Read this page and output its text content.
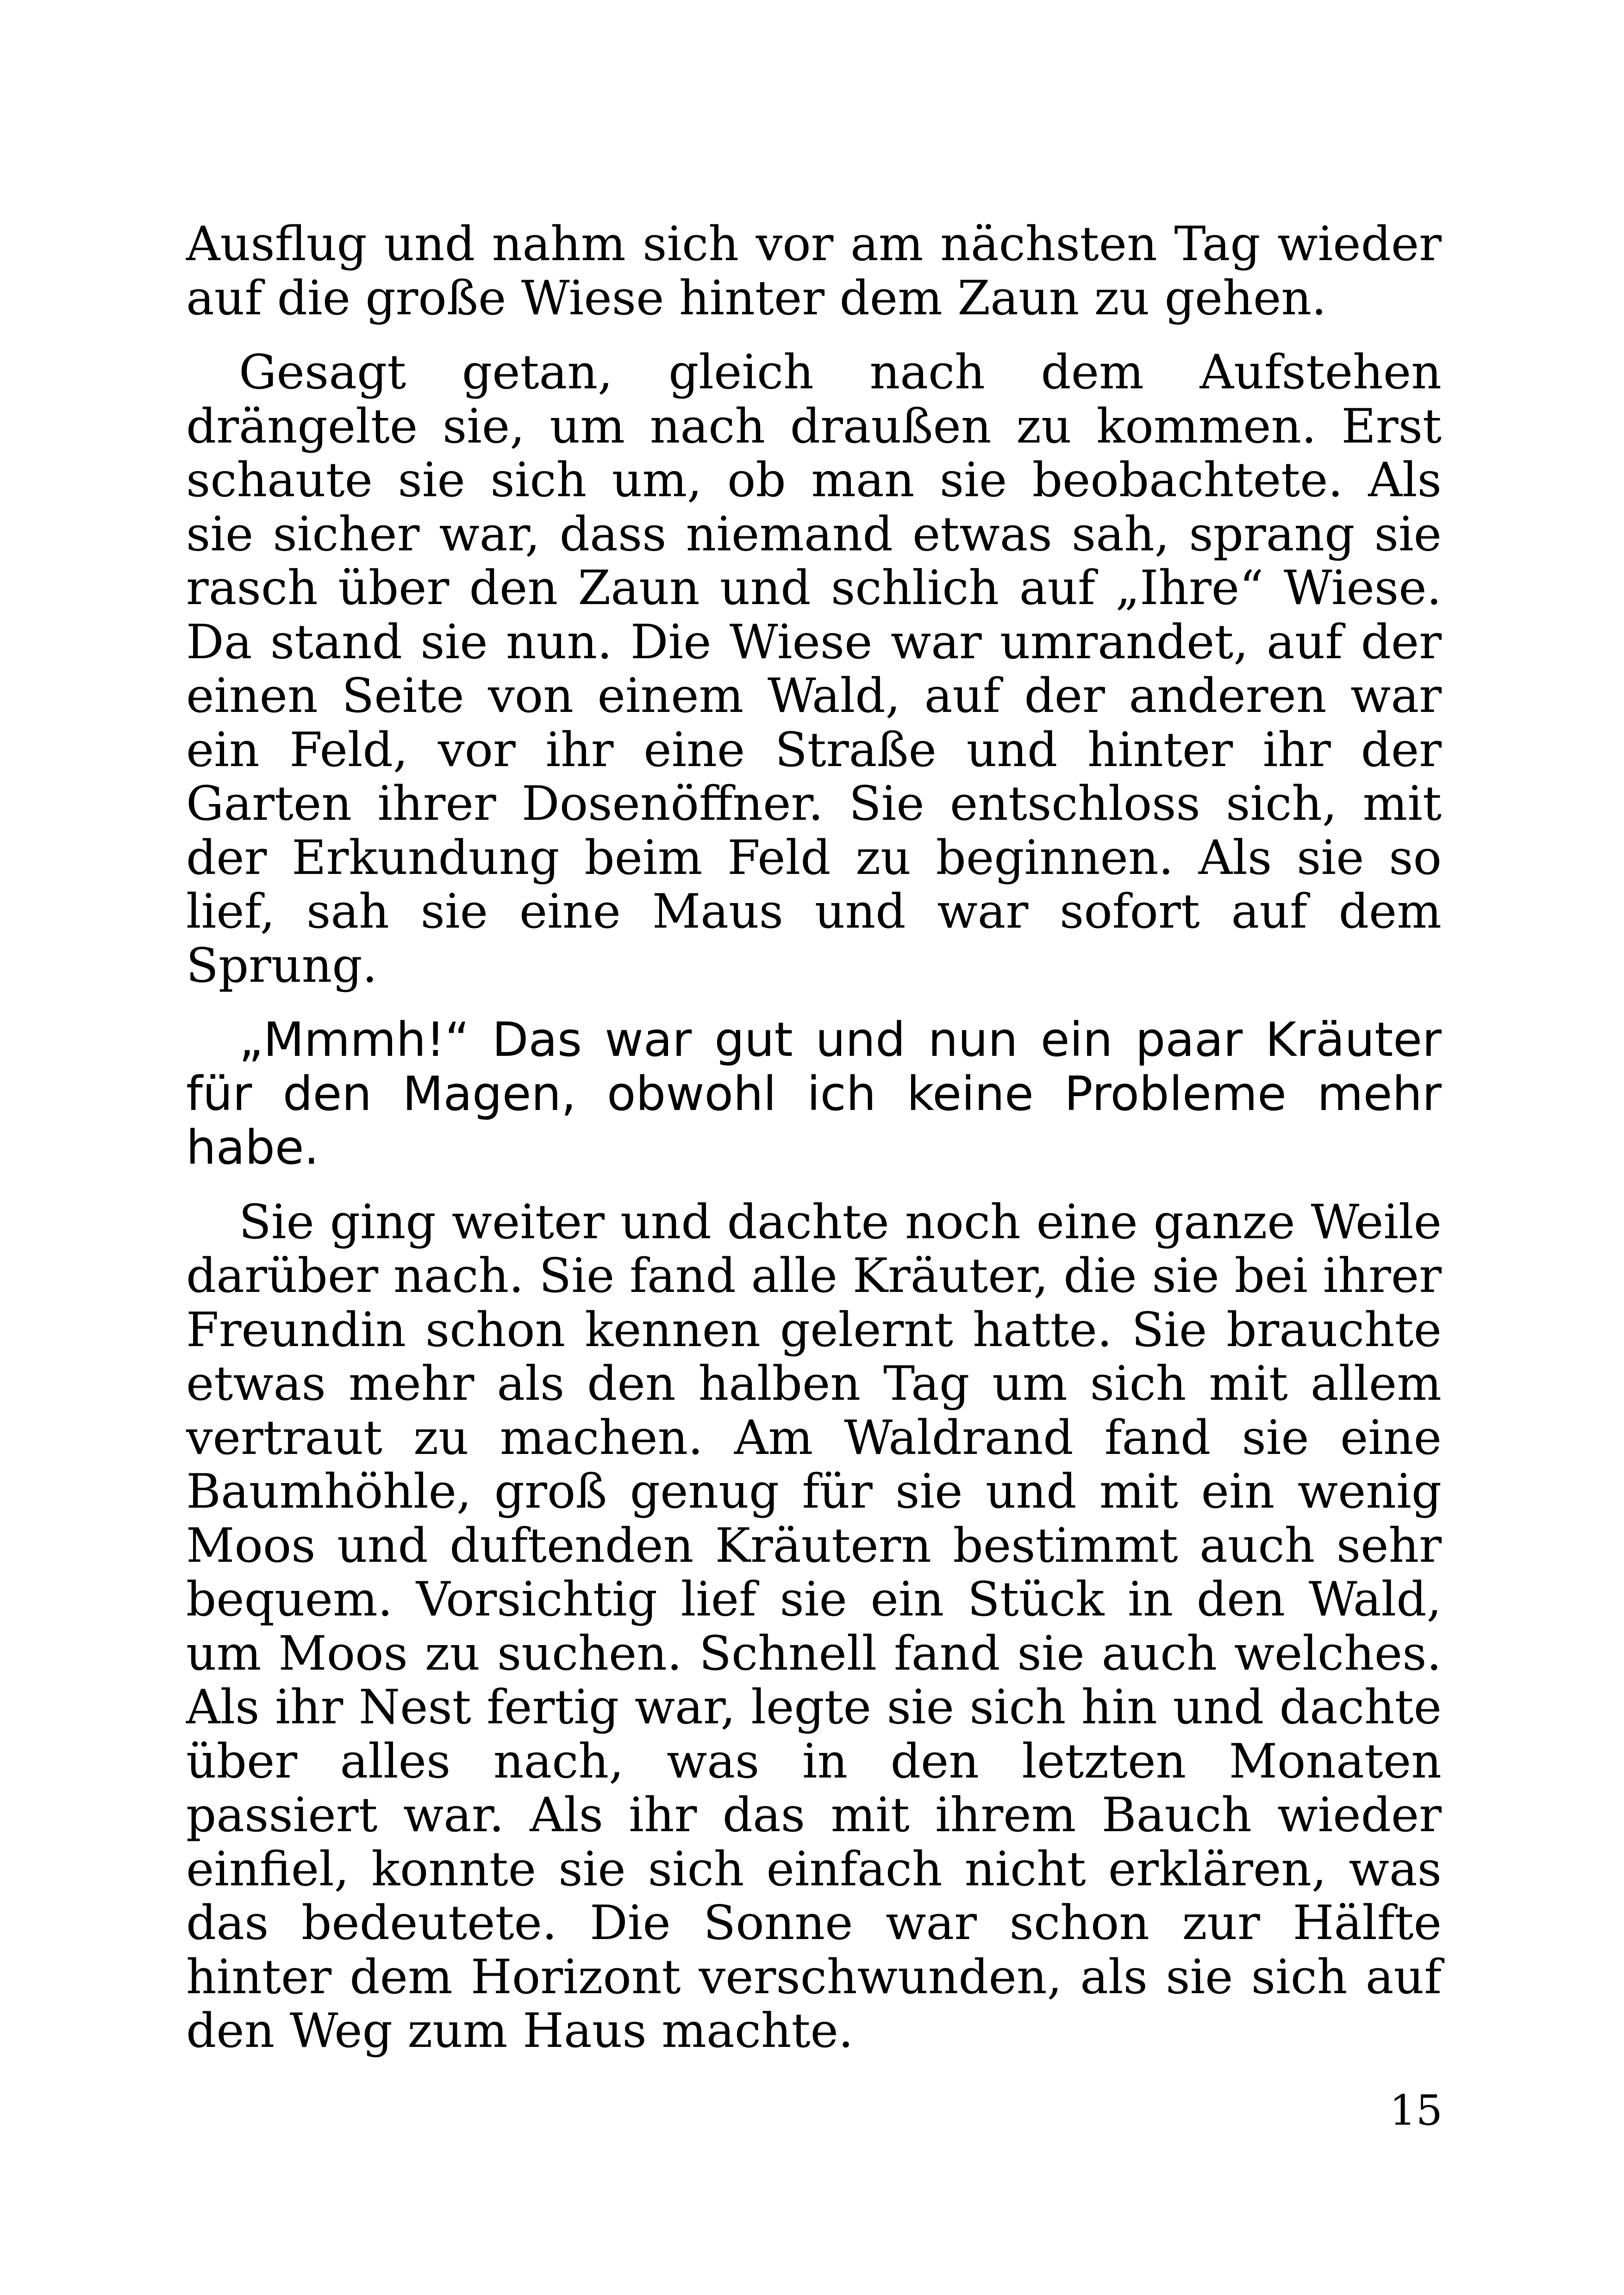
Ausflug und nahm sich vor am nächsten Tag wieder auf die große Wiese hinter dem Zaun zu gehen.

Gesagt getan, gleich nach dem Aufstehen drängelte sie, um nach draußen zu kommen. Erst schaute sie sich um, ob man sie beobachtete. Als sie sicher war, dass niemand etwas sah, sprang sie rasch über den Zaun und schlich auf „Ihre“ Wiese. Da stand sie nun. Die Wiese war umrandet, auf der einen Seite von einem Wald, auf der anderen war ein Feld, vor ihr eine Straße und hinter ihr der Garten ihrer Dosenöffner. Sie entschloss sich, mit der Erkundung beim Feld zu beginnen. Als sie so lief, sah sie eine Maus und war sofort auf dem Sprung.

„Mmmh!“ Das war gut und nun ein paar Kräuter für den Magen, obwohl ich keine Probleme mehr habe.

Sie ging weiter und dachte noch eine ganze Weile darüber nach. Sie fand alle Kräuter, die sie bei ihrer Freundin schon kennen gelernt hatte. Sie brauchte etwas mehr als den halben Tag um sich mit allem vertraut zu machen. Am Waldrand fand sie eine Baumhöhle, groß genug für sie und mit ein wenig Moos und duftenden Kräutern bestimmt auch sehr bequem. Vorsichtig lief sie ein Stück in den Wald, um Moos zu suchen. Schnell fand sie auch welches. Als ihr Nest fertig war, legte sie sich hin und dachte über alles nach, was in den letzten Monaten passiert war. Als ihr das mit ihrem Bauch wieder einfiel, konnte sie sich einfach nicht erklären, was das bedeutete. Die Sonne war schon zur Hälfte hinter dem Horizont verschwunden, als sie sich auf den Weg zum Haus machte.

15
